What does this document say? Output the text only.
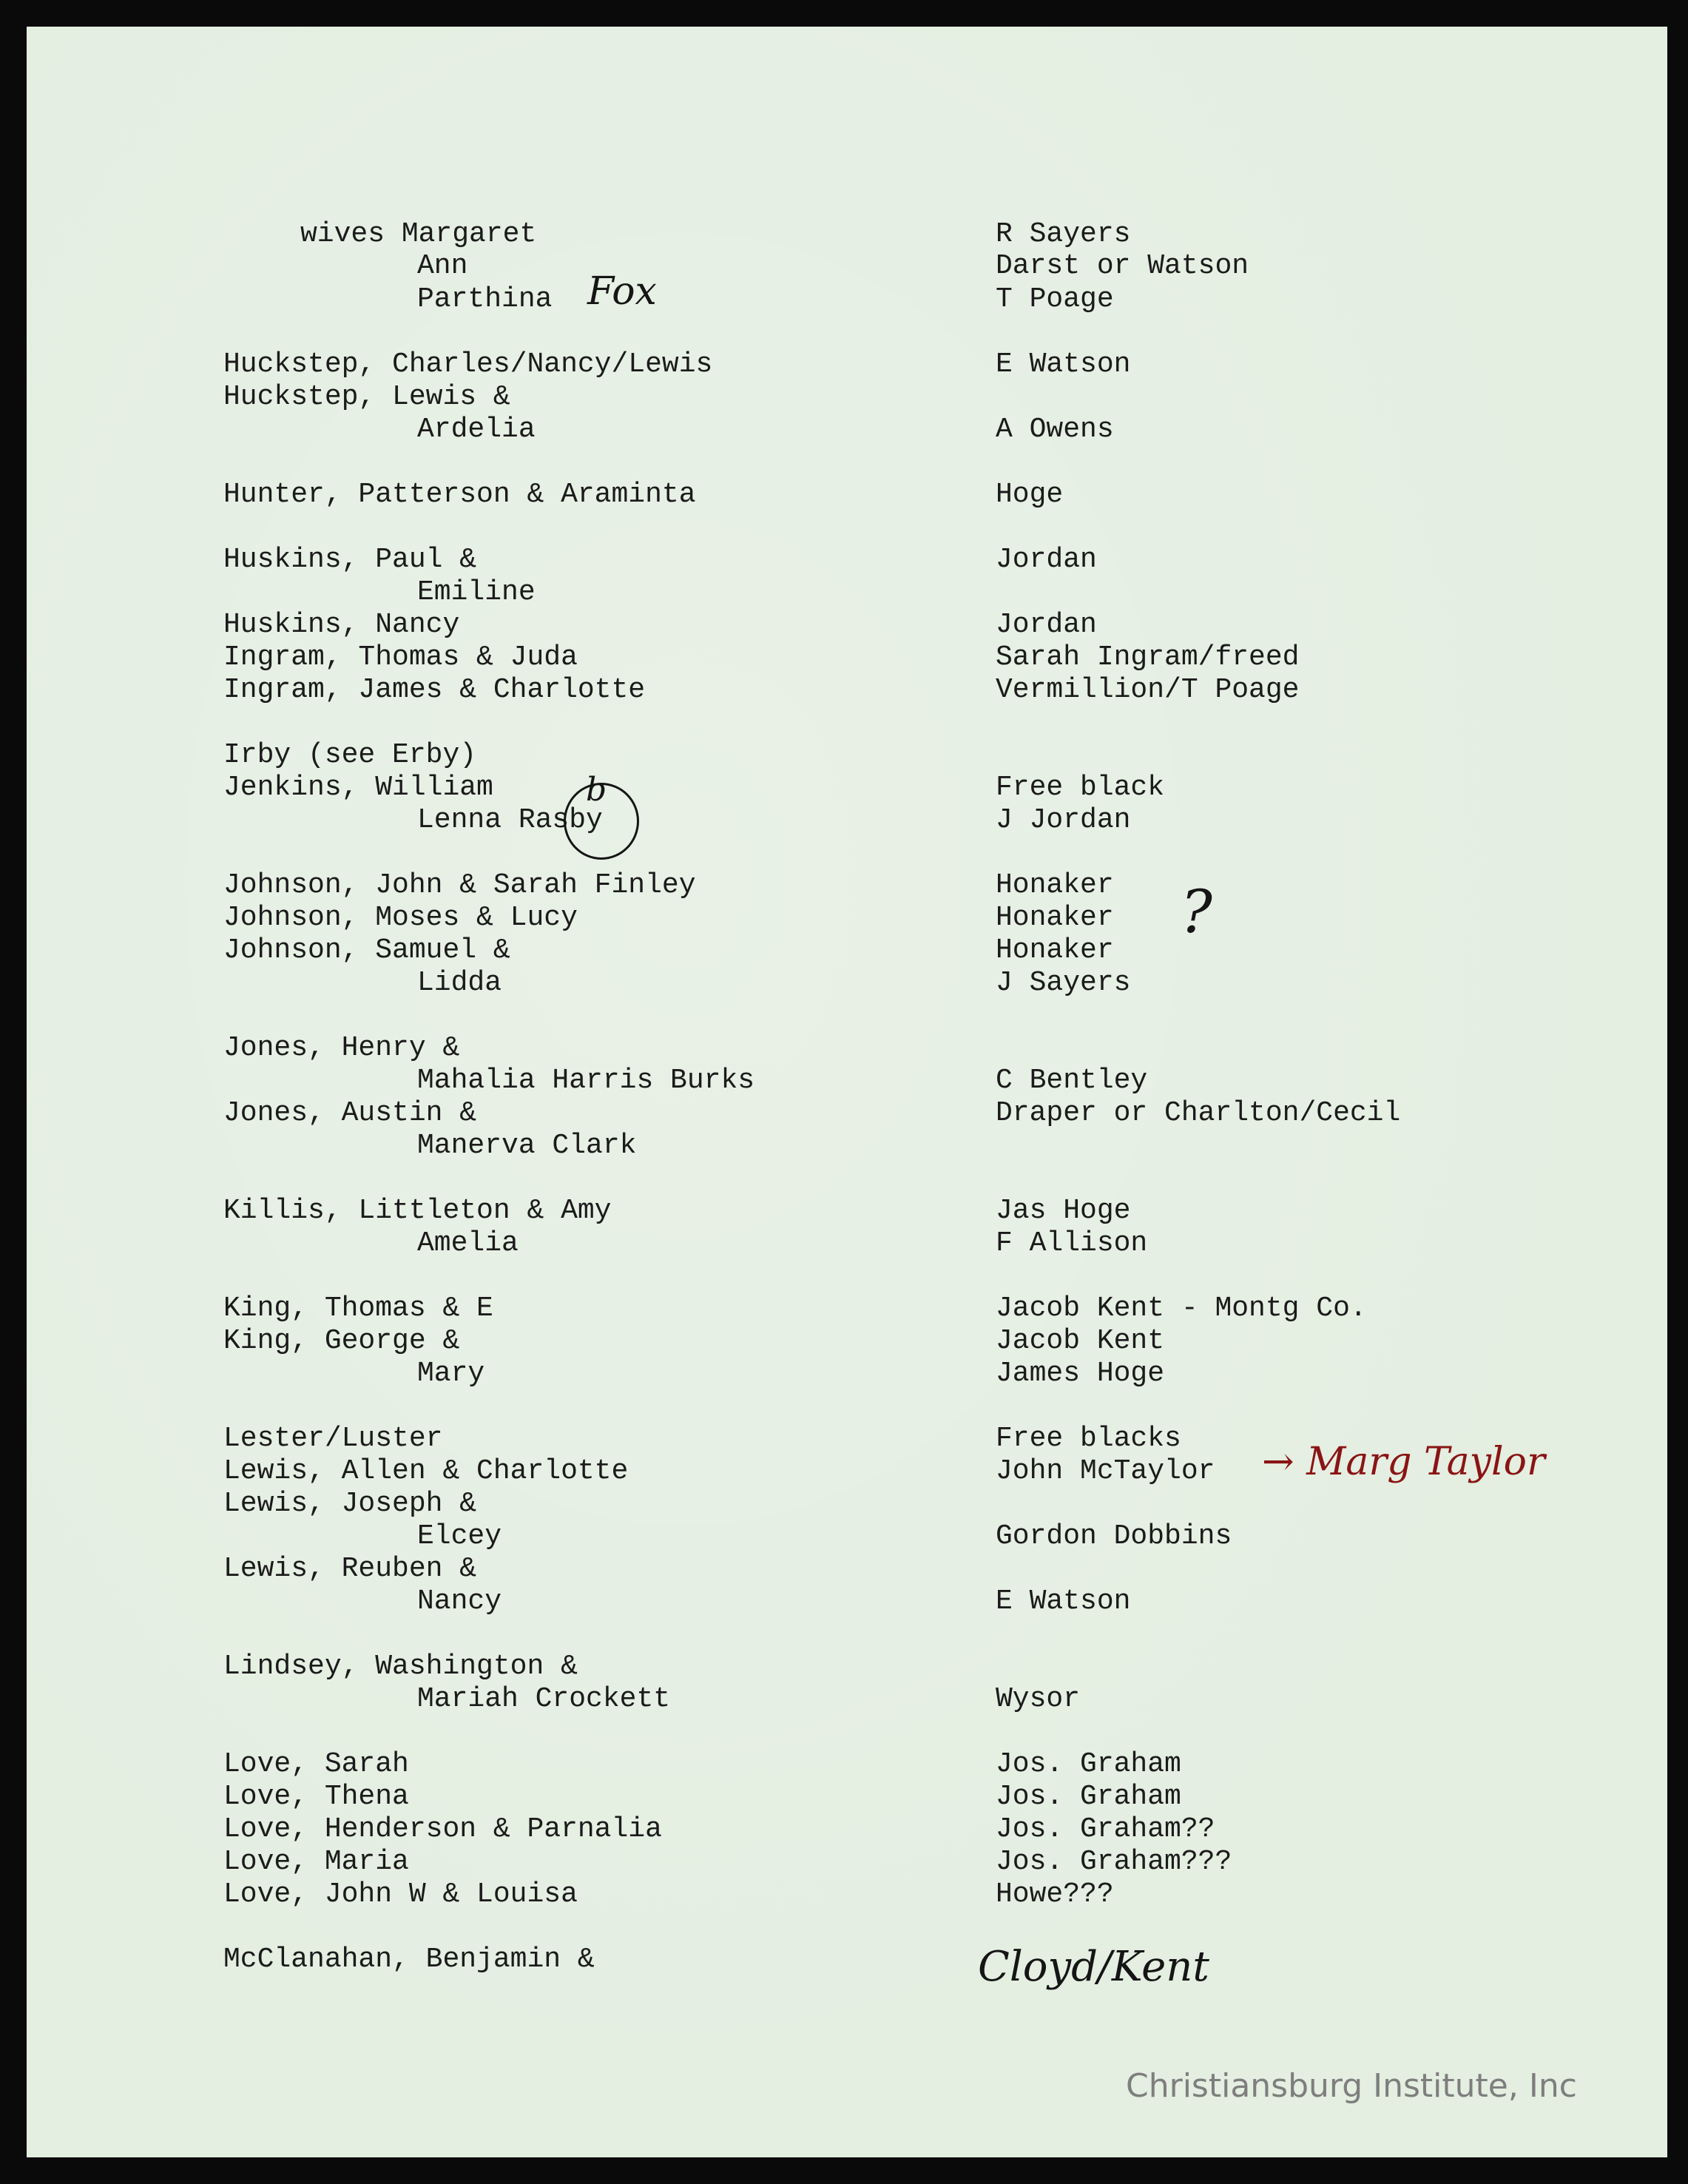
wives Margaret
Ann
Parthina
Huckstep, Charles/Nancy/Lewis
Huckstep, Lewis &
Ardelia
Hunter, Patterson & Araminta
Huskins, Paul &
Emiline
Huskins, Nancy
Ingram, Thomas & Juda
Ingram, James & Charlotte
Irby (see Erby)
Jenkins, William
Lenna Rasby
Johnson, John & Sarah Finley
Johnson, Moses & Lucy
Johnson, Samuel &
Lidda
Jones, Henry &
Mahalia Harris Burks
Jones, Austin &
Manerva Clark
Killis, Littleton & Amy
Amelia
King, Thomas & E
King, George &
Mary
Lester/Luster
Lewis, Allen & Charlotte
Lewis, Joseph &
Elcey
Lewis, Reuben &
Nancy
Lindsey, Washington &
Mariah Crockett
Love, Sarah
Love, Thena
Love, Henderson & Parnalia
Love, Maria
Love, John W & Louisa
McClanahan, Benjamin &
R Sayers
Darst or Watson
T Poage
E Watson
A Owens
Hoge
Jordan
Jordan
Sarah Ingram/freed
Vermillion/T Poage
Free black
J Jordan
Honaker
Honaker
Honaker
J Sayers
C Bentley
Draper or Charlton/Cecil
Jas Hoge
F Allison
Jacob Kent - Montg Co.
Jacob Kent
James Hoge
Free blacks
John McTaylor
Gordon Dobbins
E Watson
Wysor
Jos. Graham
Jos. Graham
Jos. Graham??
Jos. Graham???
Howe???
Fox
b
?
→ Marg Taylor
Cloyd/Kent
Christiansburg Institute, Inc
